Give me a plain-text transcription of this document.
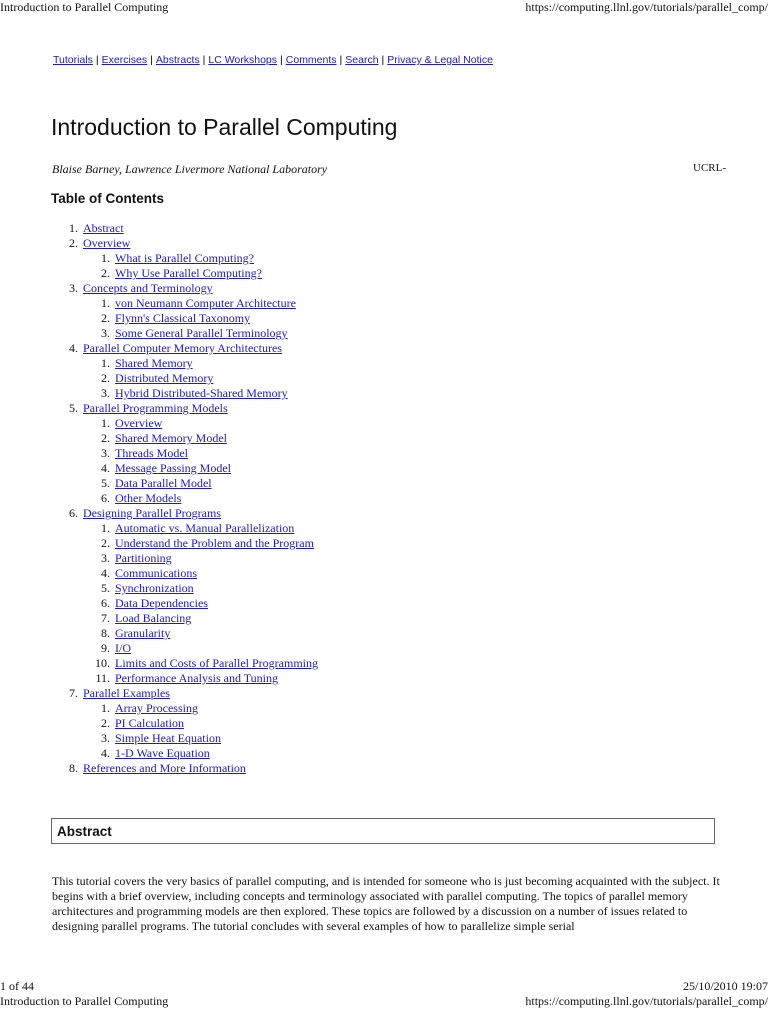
Introduction to Parallel Computing	https://computing.llnl.gov/tutorials/parallel_comp/
Tutorials | Exercises | Abstracts | LC Workshops | Comments | Search | Privacy & Legal Notice
Introduction to Parallel Computing
Blaise Barney, Lawrence Livermore National Laboratory	UCRL-
Table of Contents
1. Abstract
2. Overview
1. What is Parallel Computing?
2. Why Use Parallel Computing?
3. Concepts and Terminology
1. von Neumann Computer Architecture
2. Flynn's Classical Taxonomy
3. Some General Parallel Terminology
4. Parallel Computer Memory Architectures
1. Shared Memory
2. Distributed Memory
3. Hybrid Distributed-Shared Memory
5. Parallel Programming Models
1. Overview
2. Shared Memory Model
3. Threads Model
4. Message Passing Model
5. Data Parallel Model
6. Other Models
6. Designing Parallel Programs
1. Automatic vs. Manual Parallelization
2. Understand the Problem and the Program
3. Partitioning
4. Communications
5. Synchronization
6. Data Dependencies
7. Load Balancing
8. Granularity
9. I/O
10. Limits and Costs of Parallel Programming
11. Performance Analysis and Tuning
7. Parallel Examples
1. Array Processing
2. PI Calculation
3. Simple Heat Equation
4. 1-D Wave Equation
8. References and More Information
Abstract
This tutorial covers the very basics of parallel computing, and is intended for someone who is just becoming acquainted with the subject. It begins with a brief overview, including concepts and terminology associated with parallel computing. The topics of parallel memory architectures and programming models are then explored. These topics are followed by a discussion on a number of issues related to designing parallel programs. The tutorial concludes with several examples of how to parallelize simple serial
1 of 44	25/10/2010 19:07
Introduction to Parallel Computing	https://computing.llnl.gov/tutorials/parallel_comp/
